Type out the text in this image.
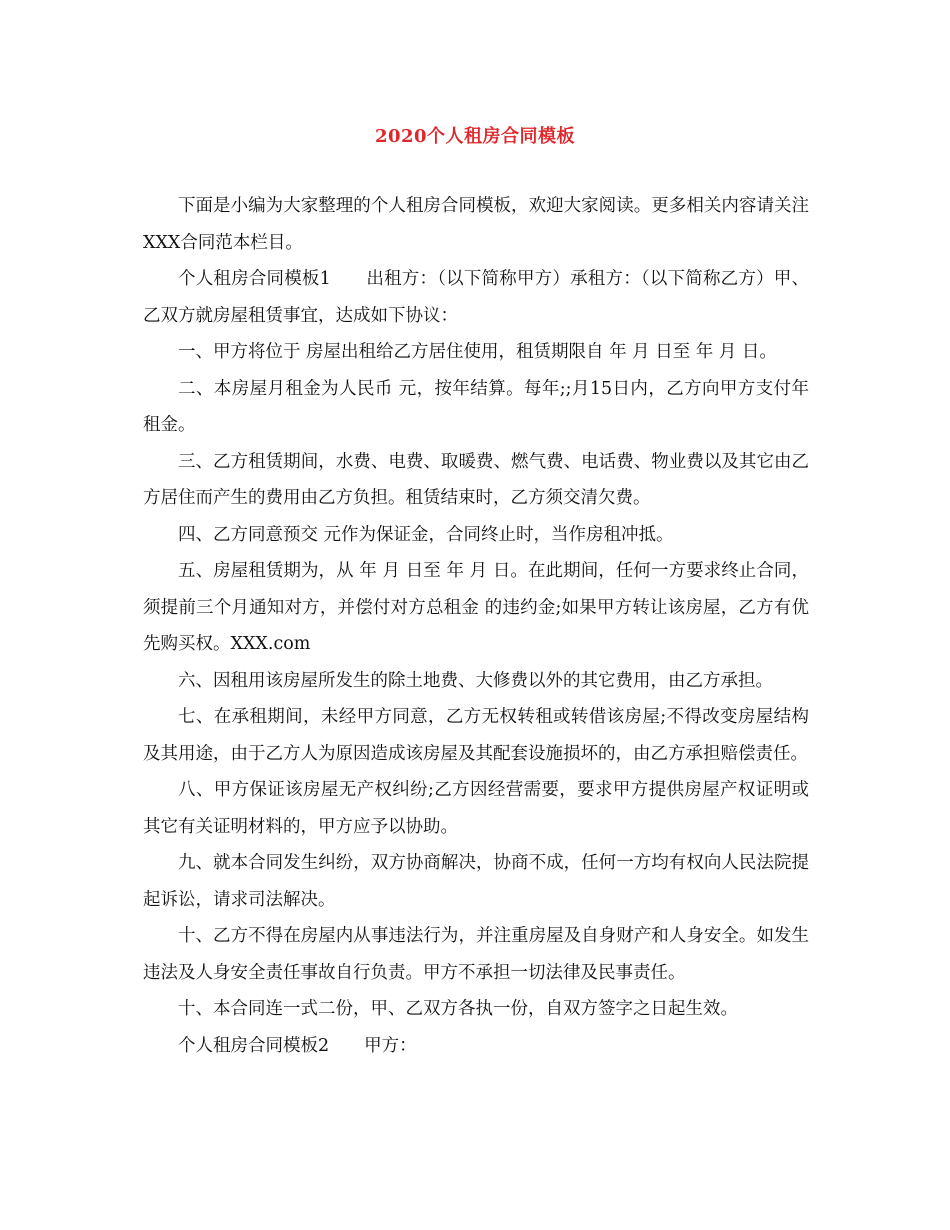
2020个人租房合同模板

下面是小编为大家整理的个人租房合同模板，欢迎大家阅读。更多相关内容请关注XXX合同范本栏目。

个人租房合同模板1　　出租方：（以下简称甲方）承租方：（以下简称乙方）甲、乙双方就房屋租赁事宜，达成如下协议：

一、甲方将位于 房屋出租给乙方居住使用，租赁期限自 年 月 日至 年 月 日。

二、本房屋月租金为人民币 元，按年结算。每年;;月15日内，乙方向甲方支付年租金。

三、乙方租赁期间，水费、电费、取暖费、燃气费、电话费、物业费以及其它由乙方居住而产生的费用由乙方负担。租赁结束时，乙方须交清欠费。

四、乙方同意预交 元作为保证金，合同终止时，当作房租冲抵。

五、房屋租赁期为，从 年 月 日至 年 月 日。在此期间，任何一方要求终止合同，须提前三个月通知对方，并偿付对方总租金 的违约金;如果甲方转让该房屋，乙方有优先购买权。XXX.com

六、因租用该房屋所发生的除土地费、大修费以外的其它费用，由乙方承担。

七、在承租期间，未经甲方同意，乙方无权转租或转借该房屋;不得改变房屋结构及其用途，由于乙方人为原因造成该房屋及其配套设施损坏的，由乙方承担赔偿责任。

八、甲方保证该房屋无产权纠纷;乙方因经营需要，要求甲方提供房屋产权证明或其它有关证明材料的，甲方应予以协助。

九、就本合同发生纠纷，双方协商解决，协商不成，任何一方均有权向人民法院提起诉讼，请求司法解决。

十、乙方不得在房屋内从事违法行为，并注重房屋及自身财产和人身安全。如发生违法及人身安全责任事故自行负责。甲方不承担一切法律及民事责任。

十、本合同连一式二份，甲、乙双方各执一份，自双方签字之日起生效。

个人租房合同模板2　　甲方：
